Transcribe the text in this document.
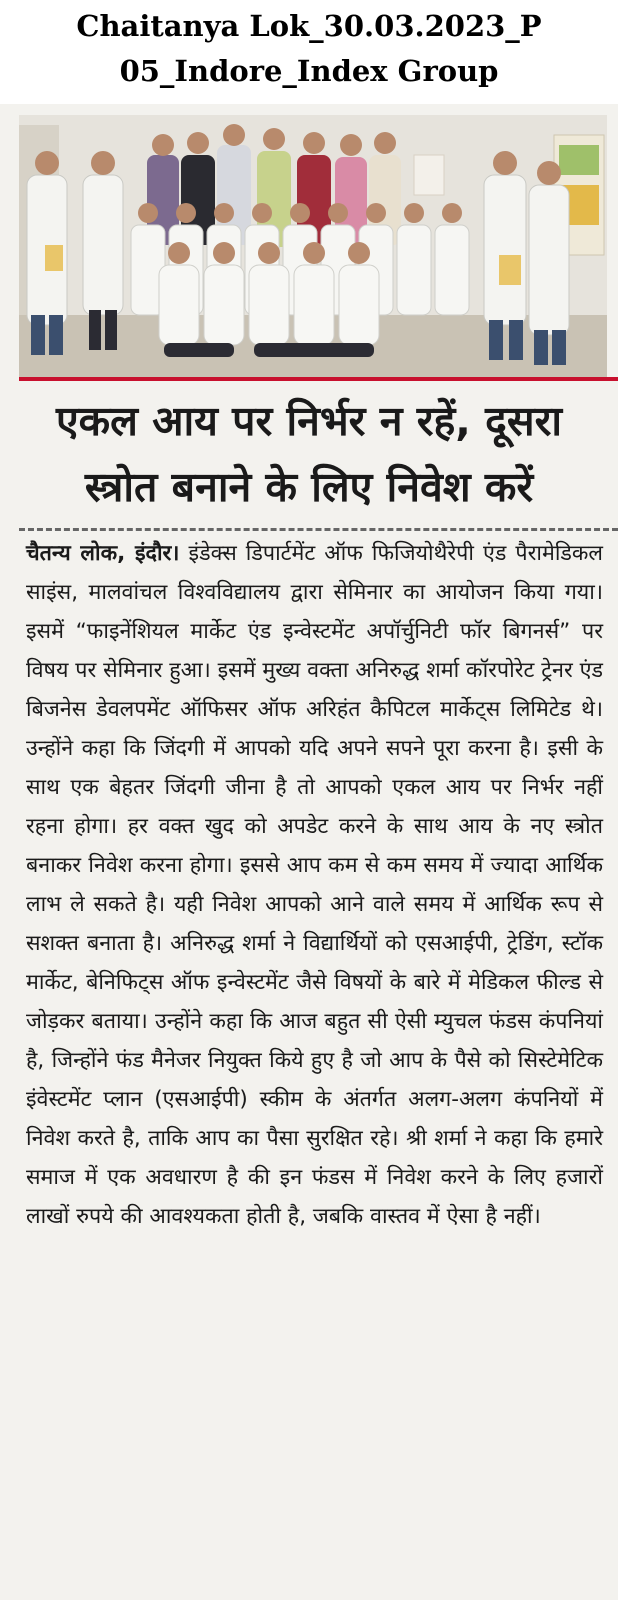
Chaitanya Lok_30.03.2023_P
05_Indore_Index Group
एकल आय पर निर्भर न रहें, दूसरा
स्त्रोत बनाने के लिए निवेश करें
चैतन्य लोक, इंदौर। इंडेक्स डिपार्टमेंट ऑफ फिजियोथैरेपी एंड पैरामेडिकल साइंस, मालवांचल विश्वविद्यालय द्वारा सेमिनार का आयोजन किया गया। इसमें “फाइनेंशियल मार्केट एंड इन्वेस्टमेंट अपॉर्चुनिटी फॉर बिगनर्स” पर विषय पर सेमिनार हुआ। इसमें मुख्य वक्ता अनिरुद्ध शर्मा कॉरपोरेट ट्रेनर एंड बिजनेस डेवलपमेंट ऑफिसर ऑफ अरिहंत कैपिटल मार्केट्स लिमिटेड थे। उन्होंने कहा कि जिंदगी में आपको यदि अपने सपने पूरा करना है। इसी के साथ एक बेहतर जिंदगी जीना है तो आपको एकल आय पर निर्भर नहीं रहना होगा। हर वक्त खुद को अपडेट करने के साथ आय के नए स्त्रोत बनाकर निवेश करना होगा। इससे आप कम से कम समय में ज्यादा आर्थिक लाभ ले सकते है। यही निवेश आपको आने वाले समय में आर्थिक रूप से सशक्त बनाता है। अनिरुद्ध शर्मा ने विद्यार्थियों को एसआईपी, ट्रेडिंग, स्टॉक मार्केट, बेनिफिट्स ऑफ इन्वेस्टमेंट जैसे विषयों के बारे में मेडिकल फील्ड से जोड़कर बताया। उन्होंने कहा कि आज बहुत सी ऐसी म्युचल फंडस कंपनियां है, जिन्होंने फंड मैनेजर नियुक्त किये हुए है जो आप के पैसे को सिस्टेमेटिक इंवेस्टमेंट प्लान (एसआईपी) स्कीम के अंतर्गत अलग-अलग कंपनियों में निवेश करते है, ताकि आप का पैसा सुरक्षित रहे। श्री शर्मा ने कहा कि हमारे समाज में एक अवधारण है की इन फंडस में निवेश करने के लिए हजारों लाखों रुपये की आवश्यकता होती है, जबकि वास्तव में ऐसा है नहीं।
